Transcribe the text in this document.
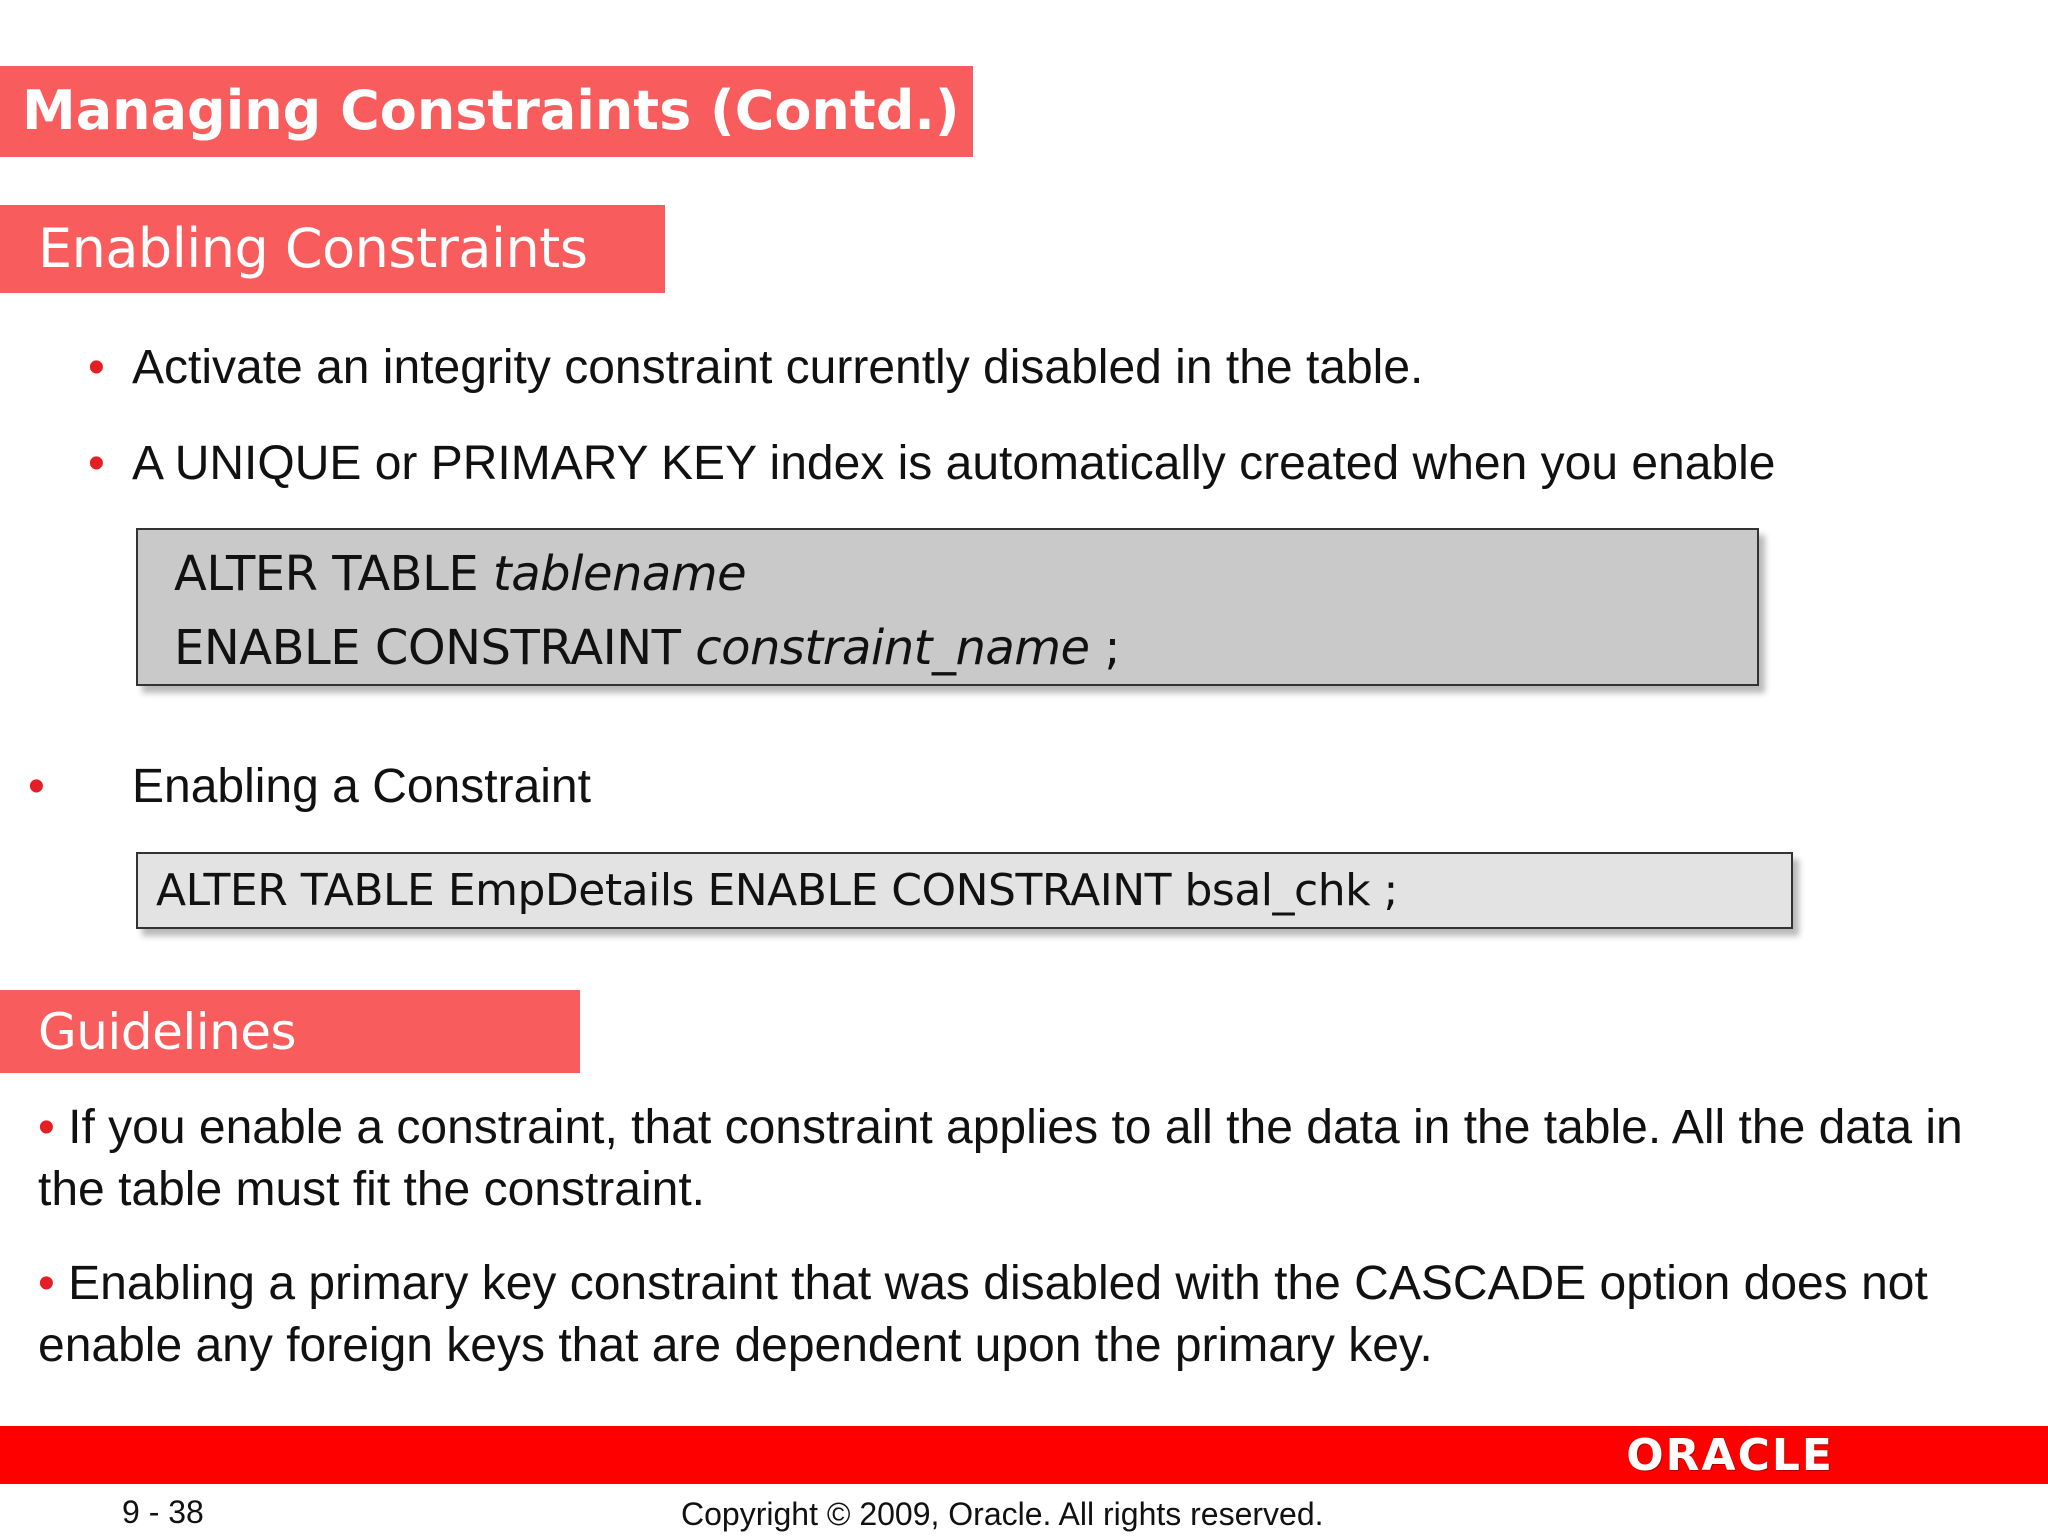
Managing Constraints (Contd.)
Enabling Constraints
• Activate an integrity constraint currently disabled in the table.
• A UNIQUE or PRIMARY KEY index is automatically created when you enable
ALTER TABLE tablename
ENABLE CONSTRAINT constraint_name ;
• Enabling a Constraint
ALTER TABLE EmpDetails ENABLE CONSTRAINT bsal_chk ;
Guidelines
• If you enable a constraint, that constraint applies to all the data in the table. All the data in the table must fit the constraint.
• Enabling a primary key constraint that was disabled with the CASCADE option does not enable any foreign keys that are dependent upon the primary key.
ORACLE
9 - 38	Copyright © 2009, Oracle. All rights reserved.
